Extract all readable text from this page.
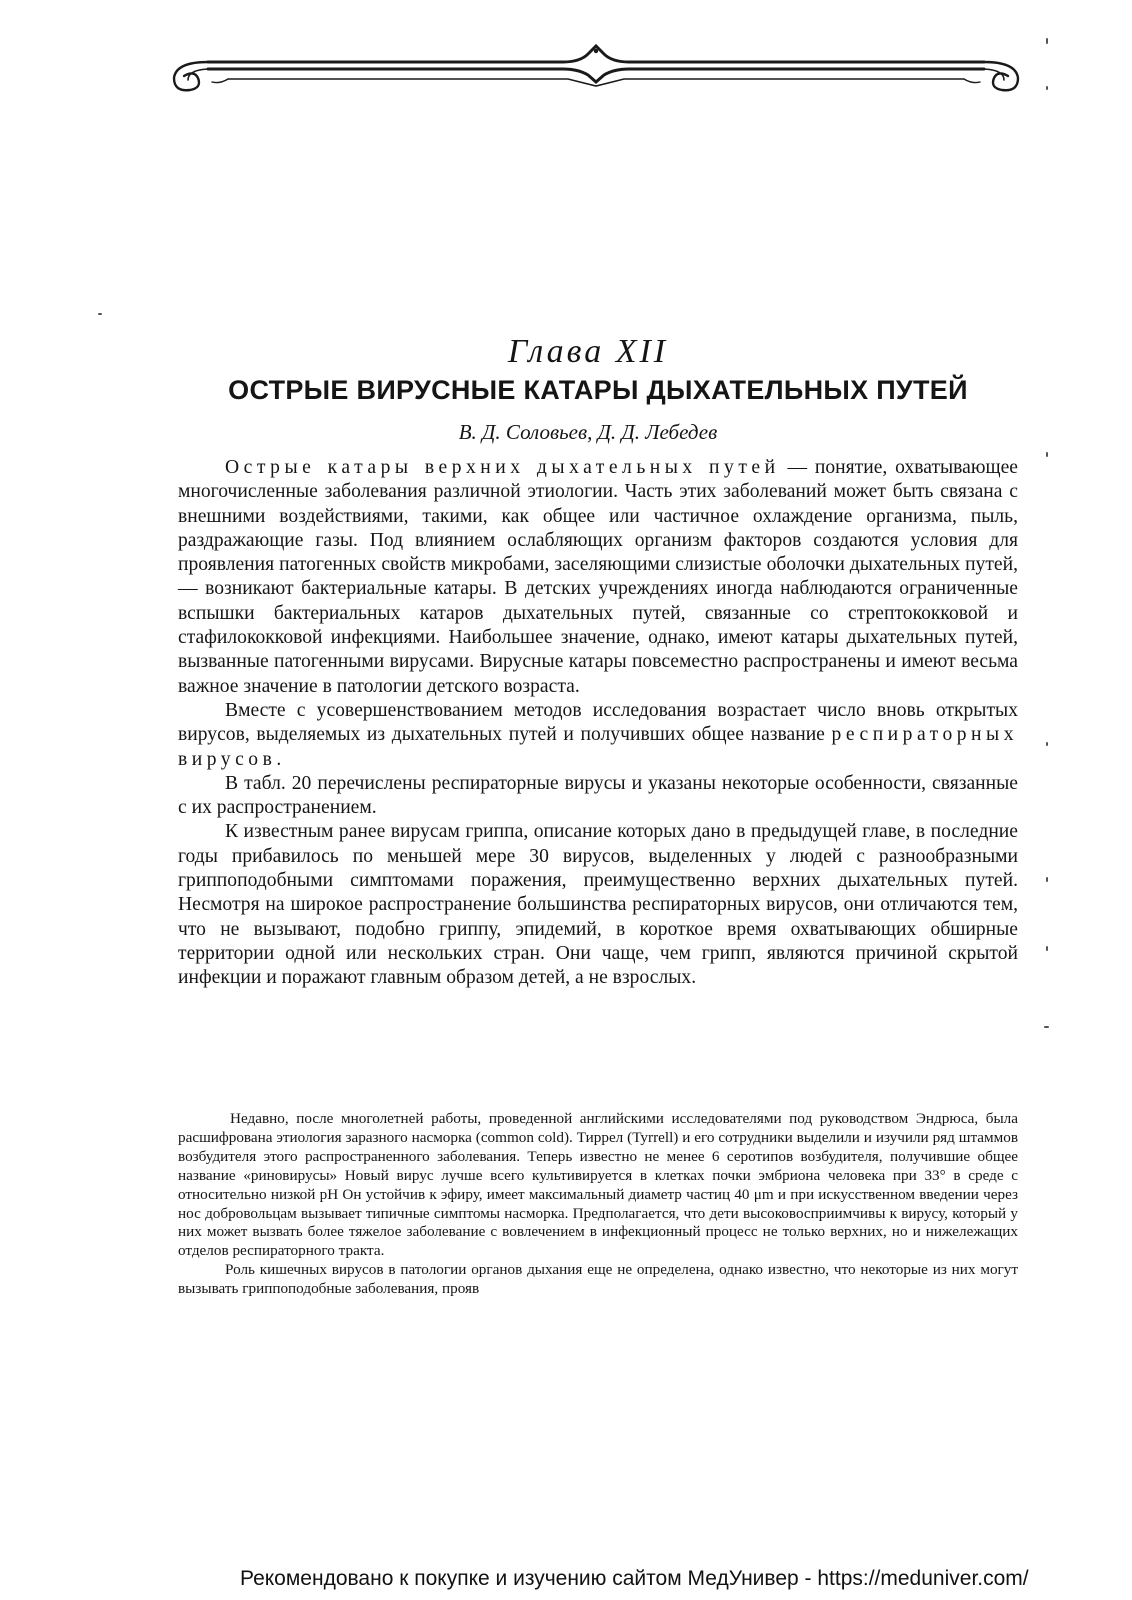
Глава XII
ОСТРЫЕ ВИРУСНЫЕ КАТАРЫ ДЫХАТЕЛЬНЫХ ПУТЕЙ
В. Д. Соловьев, Д. Д. Лебедев

Острые катары верхних дыхательных путей — понятие, охватывающее многочисленные заболевания различной этиологии. Часть этих заболеваний может быть связана с внешними воздействиями, такими, как общее или частичное охлаждение организма, пыль, раздражающие газы. Под влиянием ослабляющих организм факторов создаются условия для проявления патогенных свойств микробами, заселяющими слизистые оболочки дыхательных путей, — возникают бактериальные катары. В детских учреждениях иногда наблюдаются ограниченные вспышки бактериальных катаров дыхательных путей, связанные со стрептококковой и стафилококковой инфекциями. Наибольшее значение, однако, имеют катары дыхательных путей, вызванные патогенными вирусами. Вирусные катары повсеместно распространены и имеют весьма важное значение в патологии детского возраста.

Вместе с усовершенствованием методов исследования возрастает число вновь открытых вирусов, выделяемых из дыхательных путей и получивших общее название респираторных вирусов.

В табл. 20 перечислены респираторные вирусы и указаны некоторые особенности, связанные с их распространением.

К известным ранее вирусам гриппа, описание которых дано в предыдущей главе, в последние годы прибавилось по меньшей мере 30 вирусов, выделенных у людей с разнообразными гриппоподобными симптомами поражения, преимущественно верхних дыхательных путей. Несмотря на широкое распространение большинства респираторных вирусов, они отличаются тем, что не вызывают, подобно гриппу, эпидемий, в короткое время охватывающих обширные территории одной или нескольких стран. Они чаще, чем грипп, являются причиной скрытой инфекции и поражают главным образом детей, а не взрослых.

Недавно, после многолетней работы, проведенной английскими исследователями под руководством Эндрюса, была расшифрована этиология заразного насморка (common cold). Тиррел (Tyrrell) и его сотрудники выделили и изучили ряд штаммов возбудителя этого распространенного заболевания. Теперь известно не менее 6 серотипов возбудителя, получившие общее название «риновирусы» Новый вирус лучше всего культивируется в клетках почки эмбриона человека при 33° в среде с относительно низкой pH Он устойчив к эфиру, имеет максимальный диаметр частиц 40 μm и при искусственном введении через нос добровольцам вызывает типичные симптомы насморка. Предполагается, что дети высоковосприимчивы к вирусу, который у них может вызвать более тяжелое заболевание с вовлечением в инфекционный процесс не только верхних, но и нижележащих отделов респираторного тракта.

Роль кишечных вирусов в патологии органов дыхания еще не определена, однако известно, что некоторые из них могут вызывать гриппоподобные заболевания, прояв

Рекомендовано к покупке и изучению сайтом МедУнивер - https://meduniver.com/
